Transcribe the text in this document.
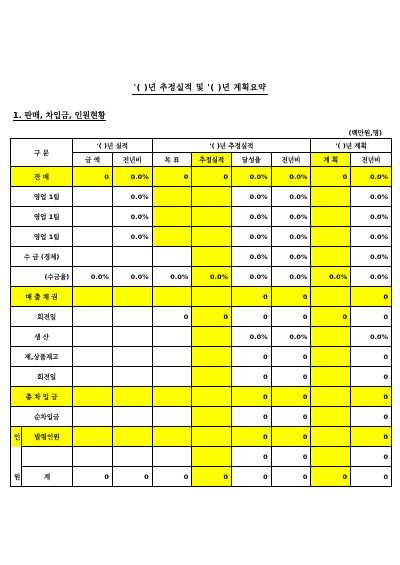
'( )년 추정실적 및 '( )년 계획요약
1. 판매, 차입금, 인원현황
(백만원,명)
구 분		'( )년 실적		'( )년 추정실적				'( )년 계획	
		금 액	전년비	목 표	추정실적	달성율	전년비	계 획	전년비
잔 매		0	0.0%	0	0	0.0%	0.0%	0	0.0%
	영업 1팀		0.0%			0.0%	0.0%		0.0%
	영업 1팀		0.0%			0.0%	0.0%		0.0%
	영업 1팀		0.0%			0.0%	0.0%		0.0%
수 금 (경제)						0.0%	0.0%		0.0%
	(수금율)	0.0%	0.0%	0.0%	0.0%	0.0%	0.0%	0.0%	0.0%
매 출 채 권						0	0		0
	회전일			0	0	0	0	0	0
생 산						0.0%	0.0%		0.0%
제,상품재고						0	0		0
	회전일					0	0		0
총 차 입 금						0	0		0
	순차입금					0	0		0
인	발령인원					0	0		0
						0	0		0
원	계	0	0	0	0	0	0	0	0
